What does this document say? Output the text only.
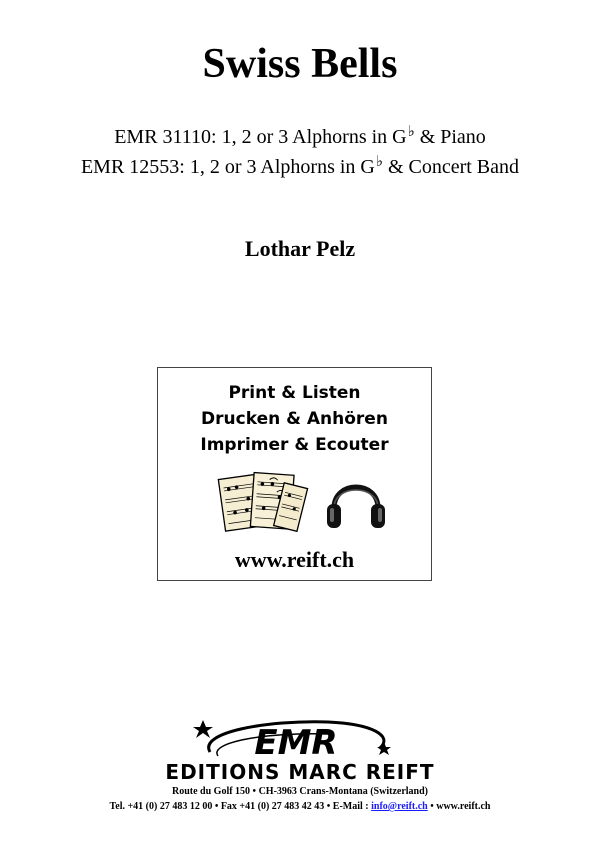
Swiss Bells
EMR 31110: 1, 2 or 3 Alphorns in G♭ & Piano
EMR 12553: 1, 2 or 3 Alphorns in G♭ & Concert Band
Lothar Pelz
Print & Listen
Drucken & Anhören
Imprimer & Ecouter
www.reift.ch
EMR
EDITIONS MARC REIFT
Route du Golf 150 • CH-3963 Crans-Montana (Switzerland)
Tel. +41 (0) 27 483 12 00 • Fax +41 (0) 27 483 42 43 • E-Mail : info@reift.ch • www.reift.ch
